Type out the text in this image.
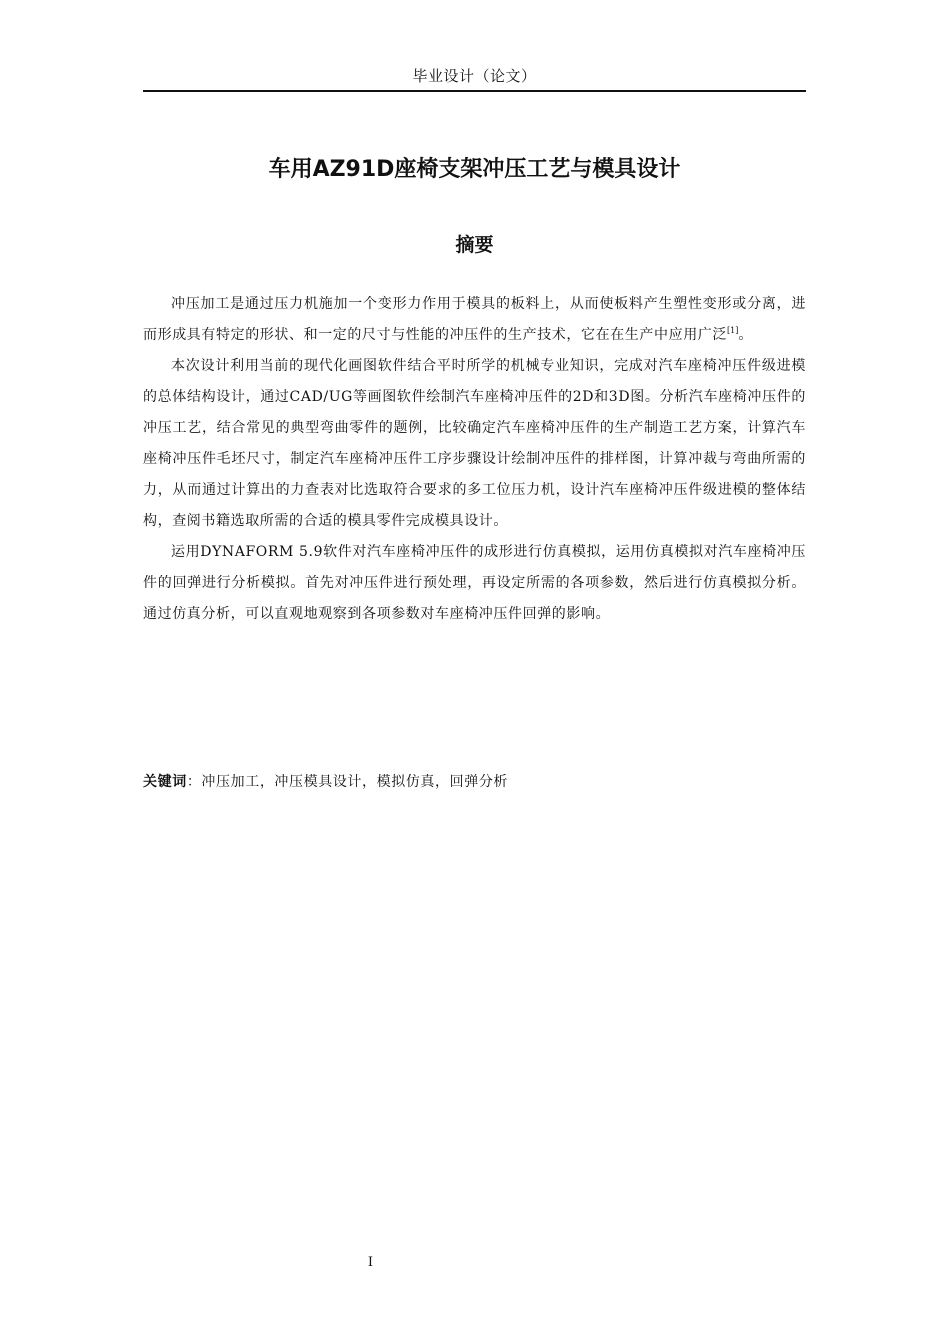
毕业设计（论文）
车用AZ91D座椅支架冲压工艺与模具设计
摘要

冲压加工是通过压力机施加一个变形力作用于模具的板料上，从而使板料产生塑性变形或分离，进而形成具有特定的形状、和一定的尺寸与性能的冲压件的生产技术，它在在生产中应用广泛[1]。

本次设计利用当前的现代化画图软件结合平时所学的机械专业知识，完成对汽车座椅冲压件级进模的总体结构设计，通过CAD/UG等画图软件绘制汽车座椅冲压件的2D和3D图。分析汽车座椅冲压件的冲压工艺，结合常见的典型弯曲零件的题例，比较确定汽车座椅冲压件的生产制造工艺方案，计算汽车座椅冲压件毛坯尺寸，制定汽车座椅冲压件工序步骤设计绘制冲压件的排样图，计算冲裁与弯曲所需的力，从而通过计算出的力查表对比选取符合要求的多工位压力机，设计汽车座椅冲压件级进模的整体结构，查阅书籍选取所需的合适的模具零件完成模具设计。

运用DYNAFORM 5.9软件对汽车座椅冲压件的成形进行仿真模拟，运用仿真模拟对汽车座椅冲压件的回弹进行分析模拟。首先对冲压件进行预处理，再设定所需的各项参数，然后进行仿真模拟分析。通过仿真分析，可以直观地观察到各项参数对车座椅冲压件回弹的影响。

关键词：冲压加工，冲压模具设计，模拟仿真，回弹分析
I
